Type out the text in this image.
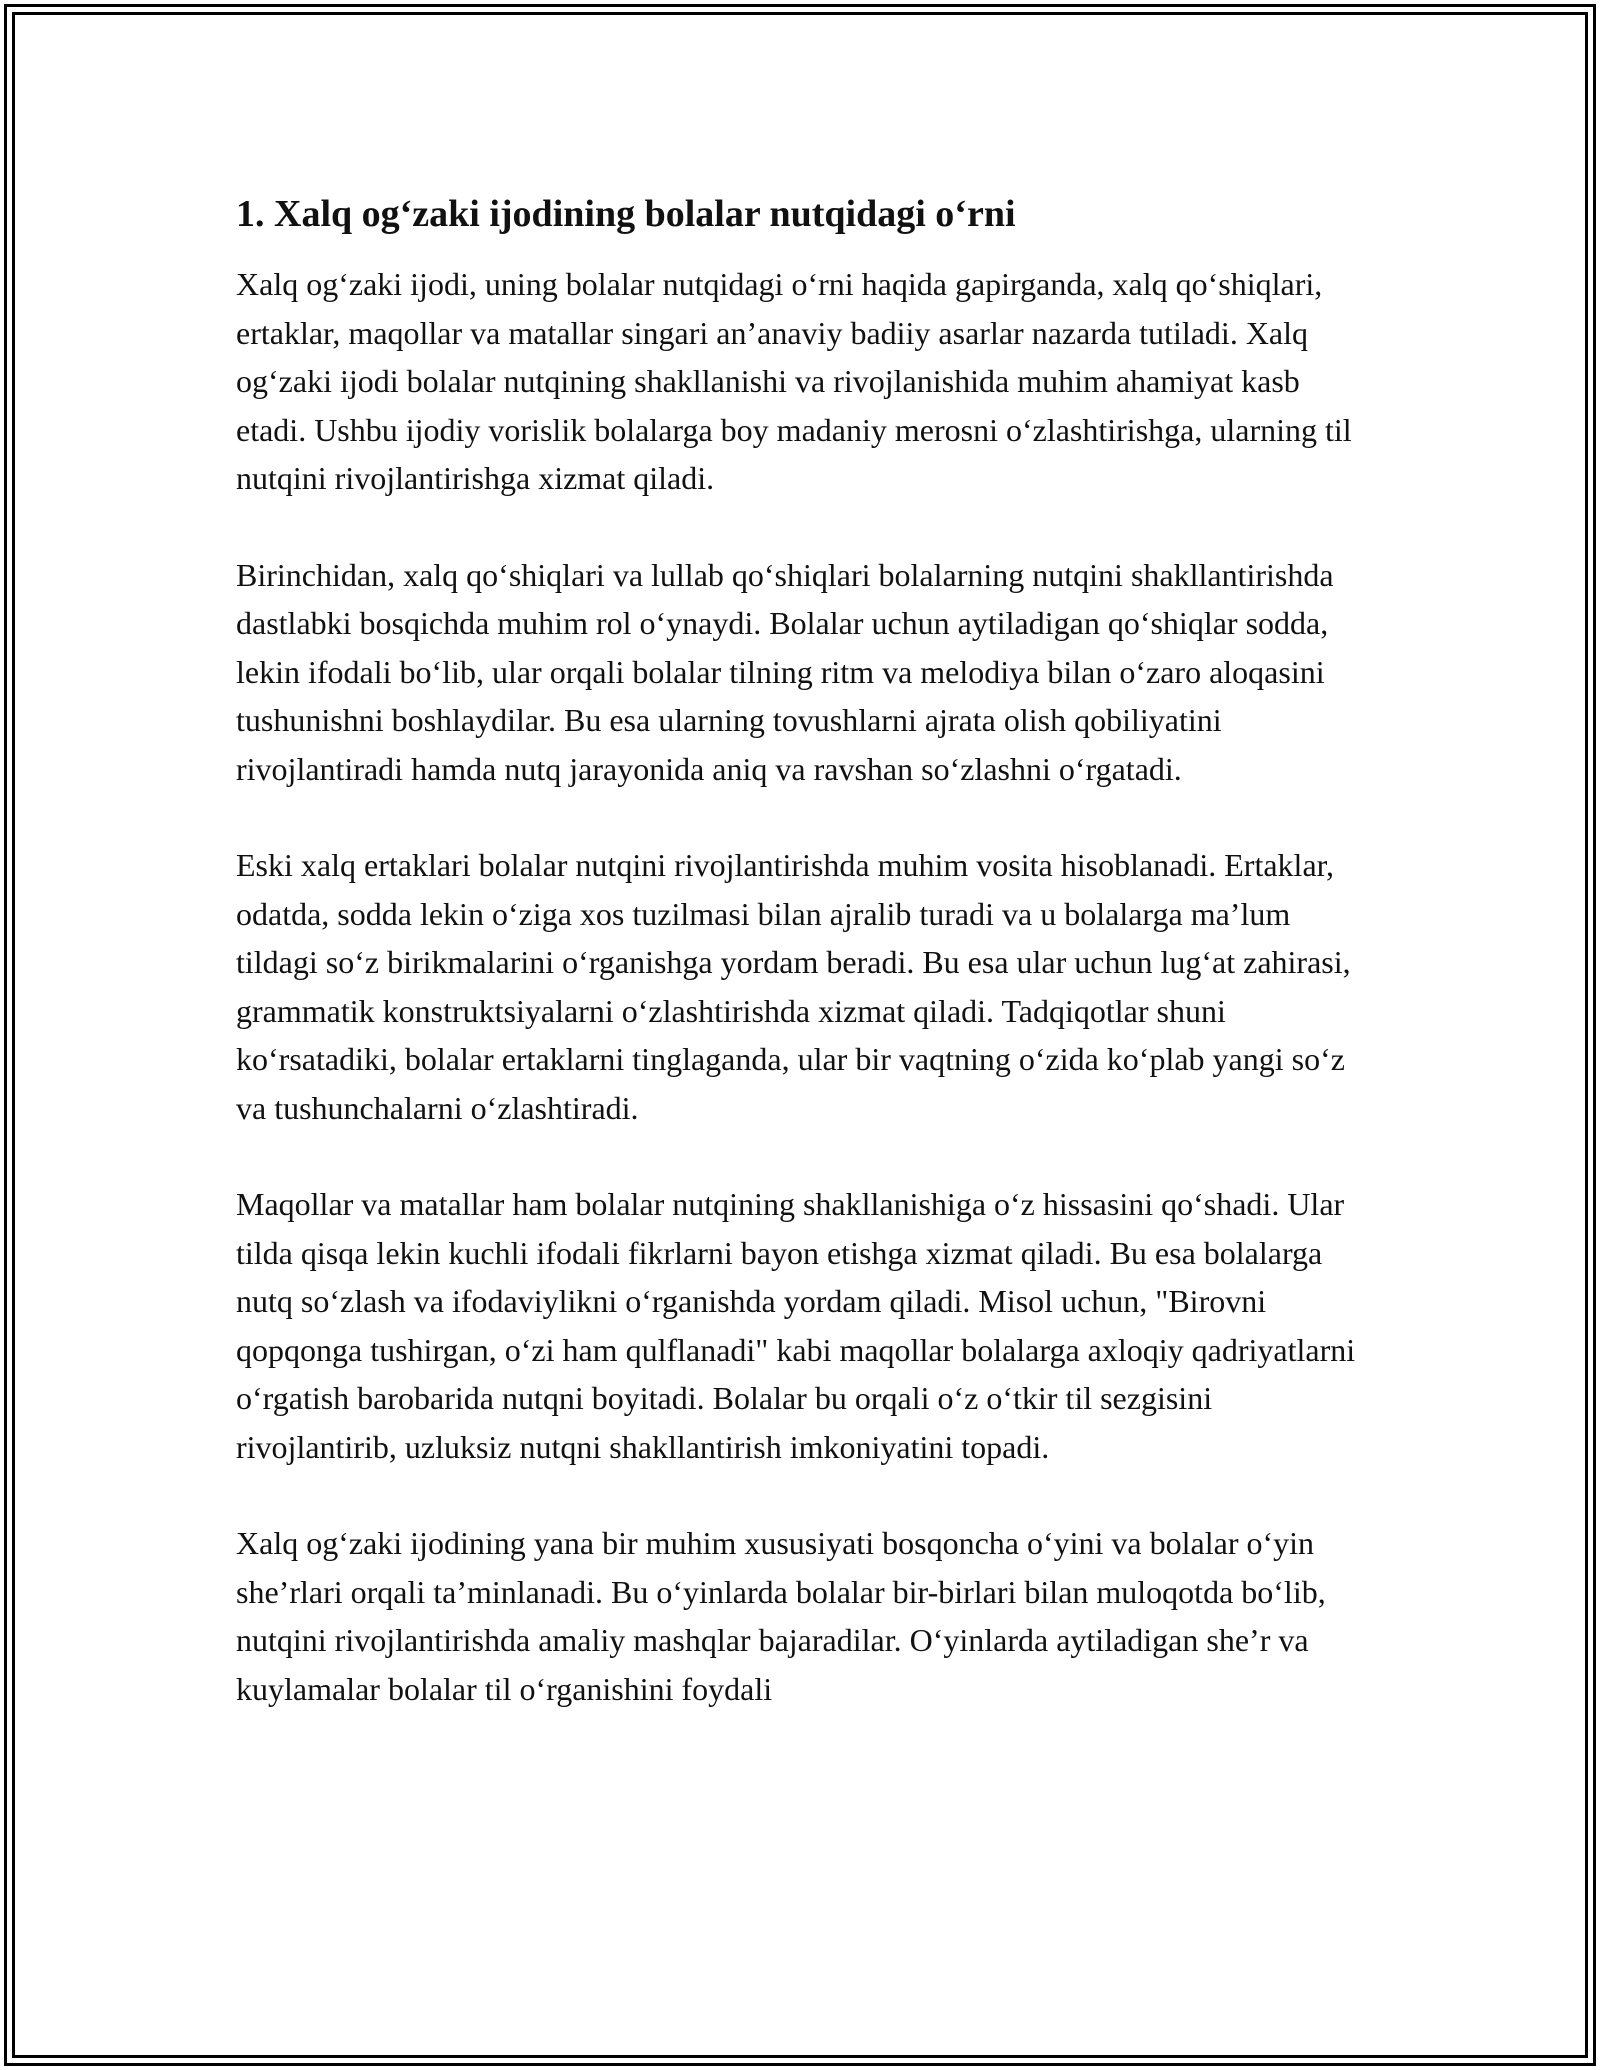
1. Xalq og‘zaki ijodining bolalar nutqidagi o‘rni

Xalq og‘zaki ijodi, uning bolalar nutqidagi o‘rni haqida gapirganda, xalq qo‘shiqlari, ertaklar, maqollar va matallar singari an’anaviy badiiy asarlar nazarda tutiladi. Xalq og‘zaki ijodi bolalar nutqining shakllanishi va rivojlanishida muhim ahamiyat kasb etadi. Ushbu ijodiy vorislik bolalarga boy madaniy merosni o‘zlashtirishga, ularning til nutqini rivojlantirishga xizmat qiladi.

Birinchidan, xalq qo‘shiqlari va lullab qo‘shiqlari bolalarning nutqini shakllantirishda dastlabki bosqichda muhim rol o‘ynaydi. Bolalar uchun aytiladigan qo‘shiqlar sodda, lekin ifodali bo‘lib, ular orqali bolalar tilning ritm va melodiya bilan o‘zaro aloqasini tushunishni boshlaydilar. Bu esa ularning tovushlarni ajrata olish qobiliyatini rivojlantiradi hamda nutq jarayonida aniq va ravshan so‘zlashni o‘rgatadi.

Eski xalq ertaklari bolalar nutqini rivojlantirishda muhim vosita hisoblanadi. Ertaklar, odatda, sodda lekin o‘ziga xos tuzilmasi bilan ajralib turadi va u bolalarga ma’lum tildagi so‘z birikmalarini o‘rganishga yordam beradi. Bu esa ular uchun lug‘at zahirasi, grammatik konstruktsiyalarni o‘zlashtirishda xizmat qiladi. Tadqiqotlar shuni ko‘rsatadiki, bolalar ertaklarni tinglaganda, ular bir vaqtning o‘zida ko‘plab yangi so‘z va tushunchalarni o‘zlashtiradi.

Maqollar va matallar ham bolalar nutqining shakllanishiga o‘z hissasini qo‘shadi. Ular tilda qisqa lekin kuchli ifodali fikrlarni bayon etishga xizmat qiladi. Bu esa bolalarga nutq so‘zlash va ifodaviylikni o‘rganishda yordam qiladi. Misol uchun, "Birovni qopqonga tushirgan, o‘zi ham qulflanadi" kabi maqollar bolalarga axloqiy qadriyatlarni o‘rgatish barobarida nutqni boyitadi. Bolalar bu orqali o‘z o‘tkir til sezgisini rivojlantirib, uzluksiz nutqni shakllantirish imkoniyatini topadi.

Xalq og‘zaki ijodining yana bir muhim xususiyati bosqoncha o‘yini va bolalar o‘yin she’rlari orqali ta’minlanadi. Bu o‘yinlarda bolalar bir-birlari bilan muloqotda bo‘lib, nutqini rivojlantirishda amaliy mashqlar bajaradilar. O‘yinlarda aytiladigan she’r va kuylamalar bolalar til o‘rganishini foydali
